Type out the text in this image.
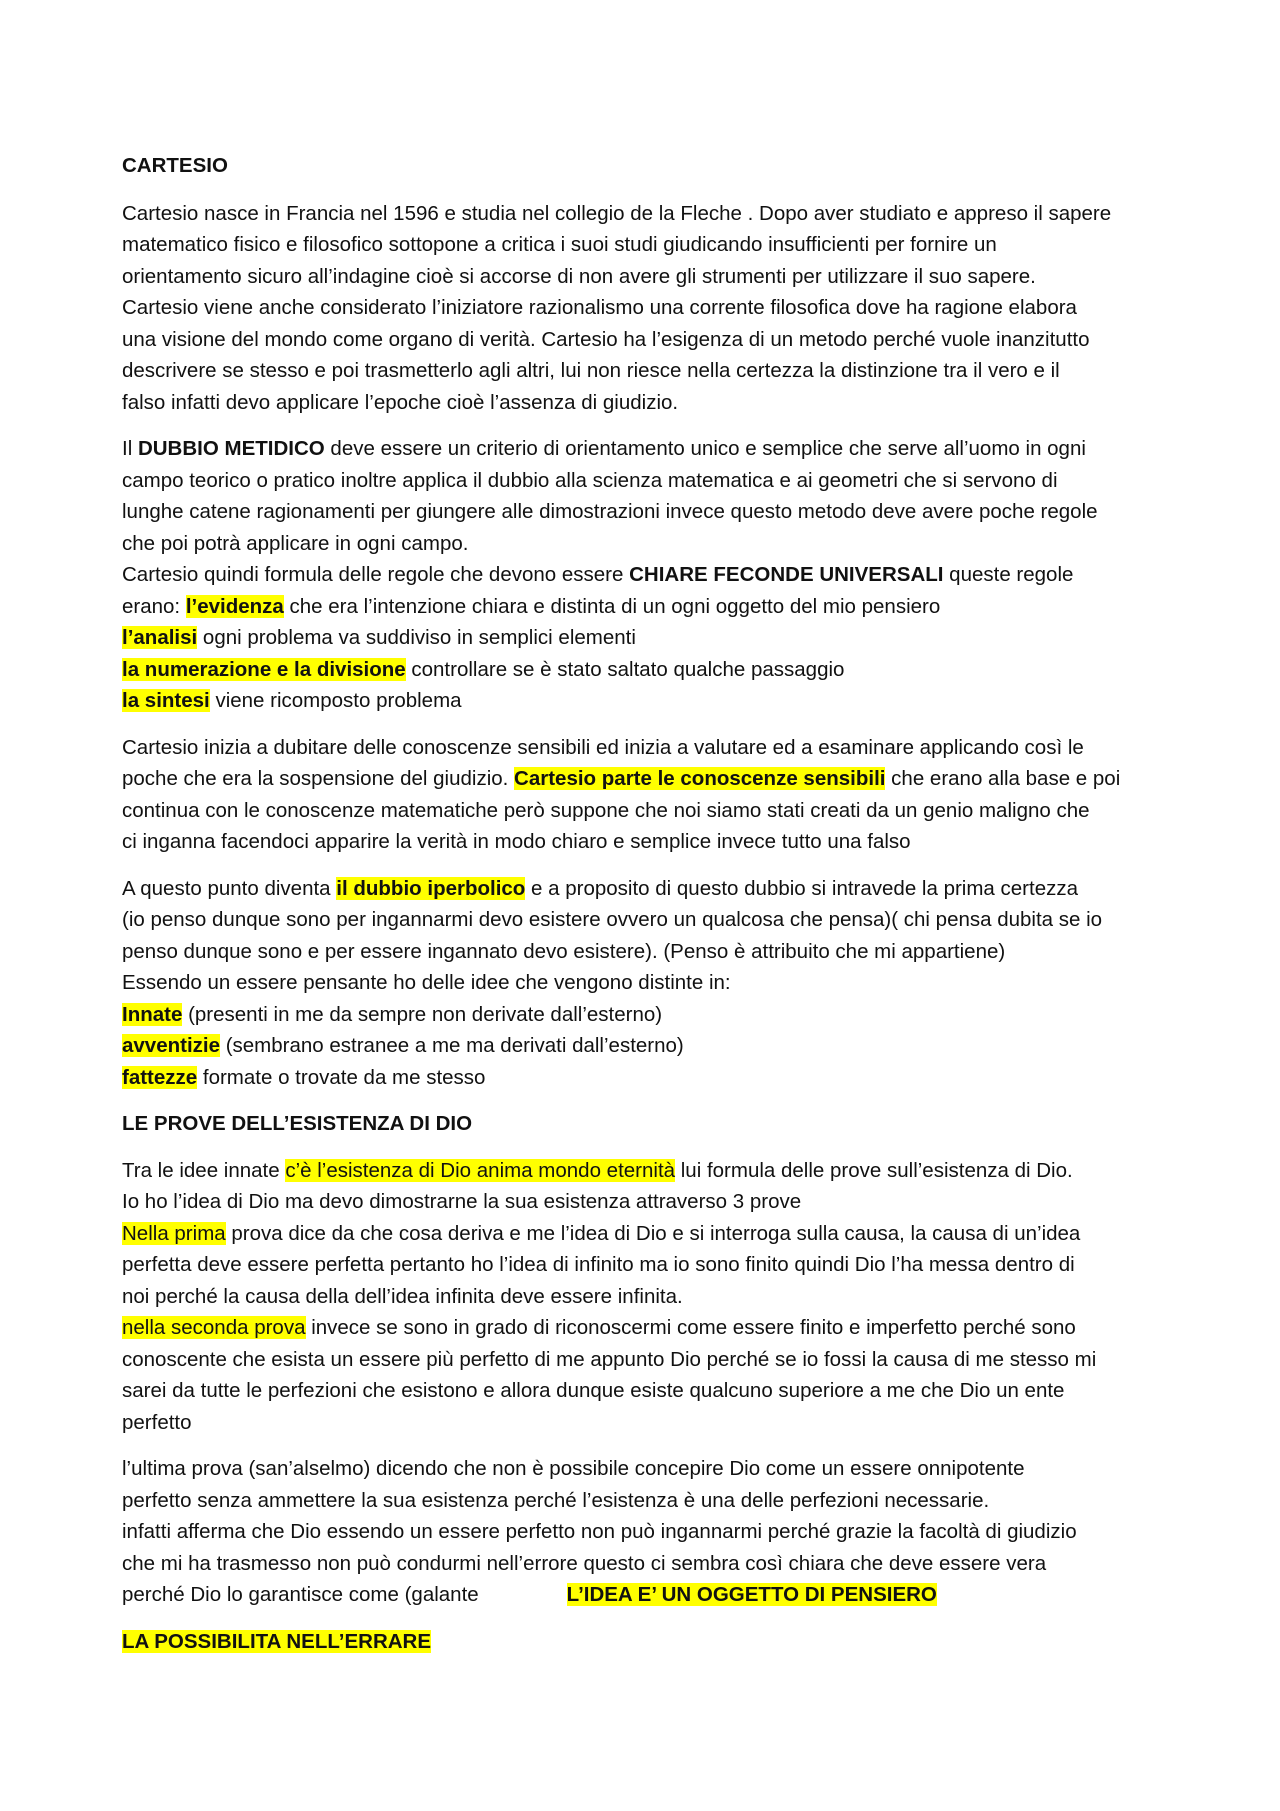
CARTESIO

Cartesio nasce in Francia nel 1596 e studia nel collegio de la Fleche . Dopo aver studiato e appreso il sapere
matematico fisico e filosofico sottopone a critica i suoi studi giudicando insufficienti per fornire un
orientamento sicuro all’indagine cioè si accorse di non avere gli strumenti per utilizzare il suo sapere.
Cartesio viene anche considerato l’iniziatore razionalismo una corrente filosofica dove ha ragione elabora
una visione del mondo come organo di verità. Cartesio ha l’esigenza di un metodo perché vuole inanzitutto
descrivere se stesso e poi trasmetterlo agli altri, lui non riesce nella certezza la distinzione tra il vero e il
falso infatti devo applicare l’epoche cioè l’assenza di giudizio.

Il DUBBIO METIDICO deve essere un criterio di orientamento unico e semplice che serve all’uomo in ogni
campo teorico o pratico inoltre applica il dubbio alla scienza matematica e ai geometri che si servono di
lunghe catene ragionamenti per giungere alle dimostrazioni invece questo metodo deve avere poche regole
che poi potrà applicare in ogni campo.
Cartesio quindi formula delle regole che devono essere CHIARE FECONDE UNIVERSALI queste regole
erano: l’evidenza che era l’intenzione chiara e distinta di un ogni oggetto del mio pensiero
l’analisi ogni problema va suddiviso in semplici elementi
la numerazione e la divisione controllare se è stato saltato qualche passaggio
la sintesi viene ricomposto problema

Cartesio inizia a dubitare delle conoscenze sensibili ed inizia a valutare ed a esaminare applicando così le
poche che era la sospensione del giudizio. Cartesio parte le conoscenze sensibili che erano alla base e poi
continua con le conoscenze matematiche però suppone che noi siamo stati creati da un genio maligno che
ci inganna facendoci apparire la verità in modo chiaro e semplice invece tutto una falso

A questo punto diventa il dubbio iperbolico e a proposito di questo dubbio si intravede la prima certezza
(io penso dunque sono per ingannarmi devo esistere ovvero un qualcosa che pensa)( chi pensa dubita se io
penso dunque sono e per essere ingannato devo esistere). (Penso è attribuito che mi appartiene)
Essendo un essere pensante ho delle idee che vengono distinte in:
Innate (presenti in me da sempre non derivate dall’esterno)
avventizie (sembrano estranee a me ma derivati dall’esterno)
fattezze formate o trovate da me stesso

LE PROVE DELL’ESISTENZA DI DIO

Tra le idee innate c’è l’esistenza di Dio anima mondo eternità lui formula delle prove sull’esistenza di Dio.
Io ho l’idea di Dio ma devo dimostrarne la sua esistenza attraverso 3 prove
Nella prima prova dice da che cosa deriva e me l’idea di Dio e si interroga sulla causa, la causa di un’idea
perfetta deve essere perfetta pertanto ho l’idea di infinito ma io sono finito quindi Dio l’ha messa dentro di
noi perché la causa della dell’idea infinita deve essere infinita.
nella seconda prova invece se sono in grado di riconoscermi come essere finito e imperfetto perché sono
conoscente che esista un essere più perfetto di me appunto Dio perché se io fossi la causa di me stesso mi
sarei da tutte le perfezioni che esistono e allora dunque esiste qualcuno superiore a me che Dio un ente
perfetto

l’ultima prova (san’alselmo) dicendo che non è possibile concepire Dio come un essere onnipotente
perfetto senza ammettere la sua esistenza perché l’esistenza è una delle perfezioni necessarie.
infatti afferma che Dio essendo un essere perfetto non può ingannarmi perché grazie la facoltà di giudizio
che mi ha trasmesso non può condurmi nell’errore questo ci sembra così chiara che deve essere vera
perché Dio lo garantisce come (galante	L’IDEA E’ UN OGGETTO DI PENSIERO

LA POSSIBILITA NELL’ERRARE
